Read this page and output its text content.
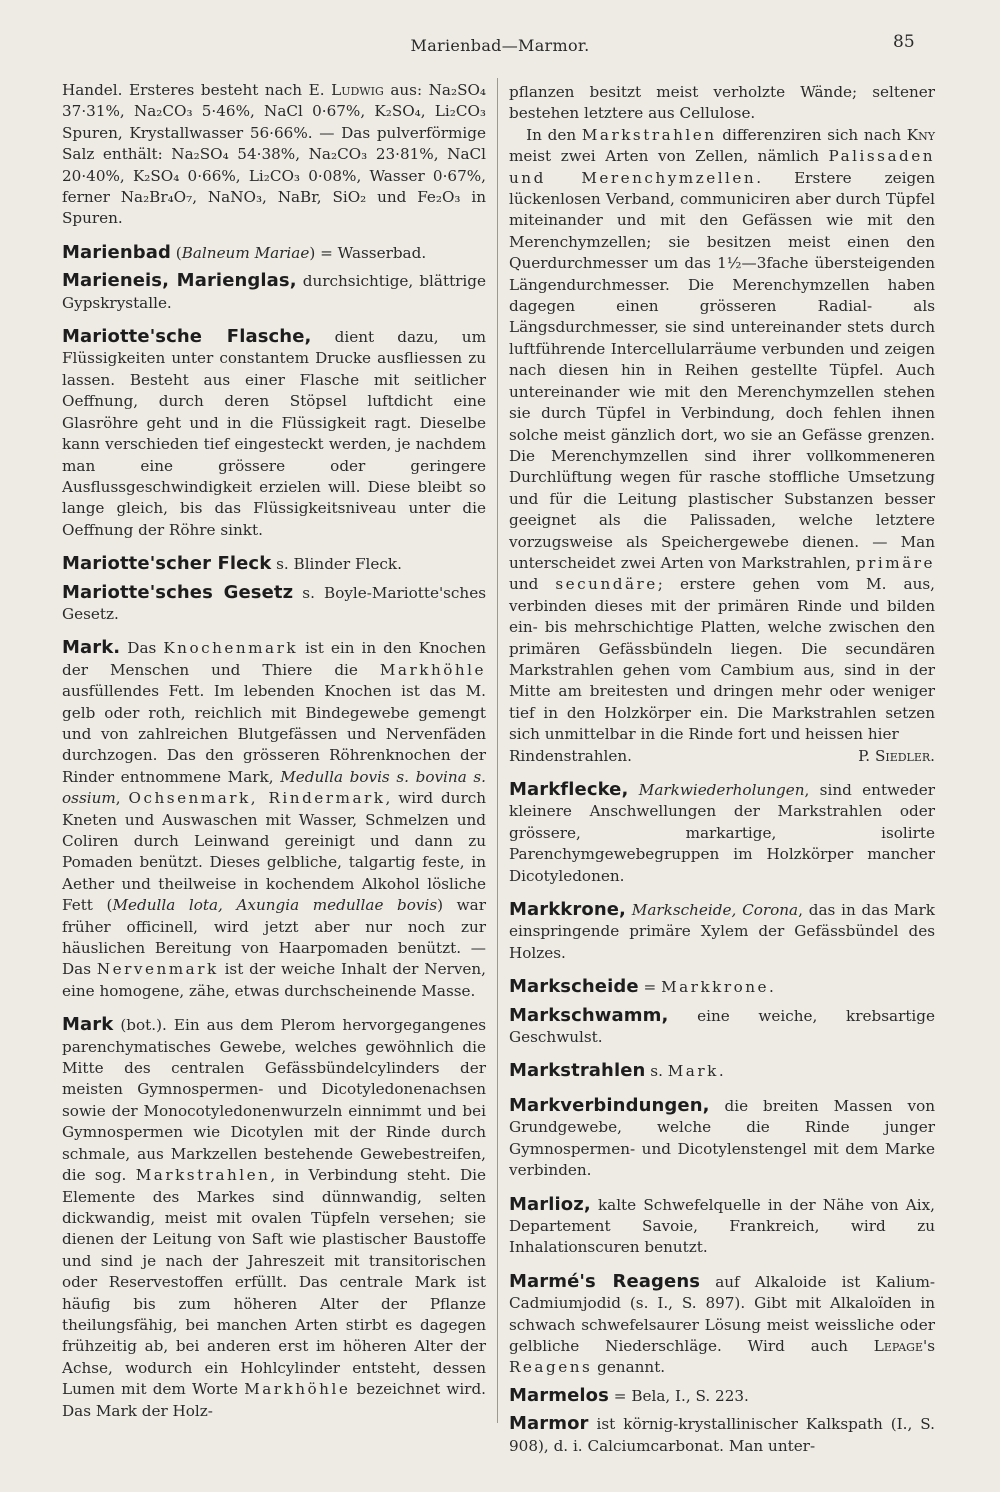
Marienbad—Marmor.	85

Handel. Ersteres besteht nach E. Ludwig aus: Na₂SO₄ 37·31%, Na₂CO₃ 5·46%, NaCl 0·67%, K₂SO₄, Li₂CO₃ Spuren, Krystallwasser 56·66%. — Das pulverförmige Salz enthält: Na₂SO₄ 54·38%, Na₂CO₃ 23·81%, NaCl 20·40%, K₂SO₄ 0·66%, Li₂CO₃ 0·08%, Wasser 0·67%, ferner Na₂Br₄O₇, NaNO₃, NaBr, SiO₂ und Fe₂O₃ in Spuren.

Marienbad (Balneum Mariae) = Wasserbad.

Marieneis, Marienglas, durchsichtige, blättrige Gypskrystalle.

Mariotte'sche Flasche, dient dazu, um Flüssigkeiten unter constantem Drucke ausfliessen zu lassen. Besteht aus einer Flasche mit seitlicher Oeffnung, durch deren Stöpsel luftdicht eine Glasröhre geht und in die Flüssigkeit ragt. Dieselbe kann verschieden tief eingesteckt werden, je nachdem man eine grössere oder geringere Ausflussgeschwindigkeit erzielen will. Diese bleibt so lange gleich, bis das Flüssigkeitsniveau unter die Oeffnung der Röhre sinkt.

Mariotte'scher Fleck s. Blinder Fleck.

Mariotte'sches Gesetz s. Boyle-Mariotte'sches Gesetz.

Mark. Das Knochenmark ist ein in den Knochen der Menschen und Thiere die Markhöhle ausfüllendes Fett. Im lebenden Knochen ist das M. gelb oder roth, reichlich mit Bindegewebe gemengt und von zahlreichen Blutgefässen und Nervenfäden durchzogen. Das den grösseren Röhrenknochen der Rinder entnommene Mark, Medulla bovis s. bovina s. ossium, Ochsenmark, Rindermark, wird durch Kneten und Auswaschen mit Wasser, Schmelzen und Coliren durch Leinwand gereinigt und dann zu Pomaden benützt. Dieses gelbliche, talgartig feste, in Aether und theilweise in kochendem Alkohol lösliche Fett (Medulla lota, Axungia medullae bovis) war früher officinell, wird jetzt aber nur noch zur häuslichen Bereitung von Haarpomaden benützt. — Das Nervenmark ist der weiche Inhalt der Nerven, eine homogene, zähe, etwas durchscheinende Masse.

Mark (bot.). Ein aus dem Plerom hervorgegangenes parenchymatisches Gewebe, welches gewöhnlich die Mitte des centralen Gefässbündelcylinders der meisten Gymnospermen- und Dicotyledonenachsen sowie der Monocotyledonenwurzeln einnimmt und bei Gymnospermen wie Dicotylen mit der Rinde durch schmale, aus Markzellen bestehende Gewebestreifen, die sog. Markstrahlen, in Verbindung steht. Die Elemente des Markes sind dünnwandig, selten dickwandig, meist mit ovalen Tüpfeln versehen; sie dienen der Leitung von Saft wie plastischer Baustoffe und sind je nach der Jahreszeit mit transitorischen oder Reservestoffen erfüllt. Das centrale Mark ist häufig bis zum höheren Alter der Pflanze theilungsfähig, bei manchen Arten stirbt es dagegen frühzeitig ab, bei anderen erst im höheren Alter der Achse, wodurch ein Hohlcylinder entsteht, dessen Lumen mit dem Worte Markhöhle bezeichnet wird. Das Mark der Holz-

pflanzen besitzt meist verholzte Wände; seltener bestehen letztere aus Cellulose.

In den Markstrahlen differenziren sich nach Kny meist zwei Arten von Zellen, nämlich Palissaden und Merenchymzellen. Erstere zeigen lückenlosen Verband, communiciren aber durch Tüpfel miteinander und mit den Gefässen wie mit den Merenchymzellen; sie besitzen meist einen den Querdurchmesser um das 1½—3fache übersteigenden Längendurchmesser. Die Merenchymzellen haben dagegen einen grösseren Radial- als Längsdurchmesser, sie sind untereinander stets durch luftführende Intercellularräume verbunden und zeigen nach diesen hin in Reihen gestellte Tüpfel. Auch untereinander wie mit den Merenchymzellen stehen sie durch Tüpfel in Verbindung, doch fehlen ihnen solche meist gänzlich dort, wo sie an Gefässe grenzen. Die Merenchymzellen sind ihrer vollkommeneren Durchlüftung wegen für rasche stoffliche Umsetzung und für die Leitung plastischer Substanzen besser geeignet als die Palissaden, welche letztere vorzugsweise als Speichergewebe dienen. — Man unterscheidet zwei Arten von Markstrahlen, primäre und secundäre; erstere gehen vom M. aus, verbinden dieses mit der primären Rinde und bilden ein- bis mehrschichtige Platten, welche zwischen den primären Gefässbündeln liegen. Die secundären Markstrahlen gehen vom Cambium aus, sind in der Mitte am breitesten und dringen mehr oder weniger tief in den Holzkörper ein. Die Markstrahlen setzen sich unmittelbar in die Rinde fort und heissen hier

Rindenstrahlen.	P. Siedler.

Markflecke, Markwiederholungen, sind entweder kleinere Anschwellungen der Markstrahlen oder grössere, markartige, isolirte Parenchymgewebegruppen im Holzkörper mancher Dicotyledonen.

Markkrone, Markscheide, Corona, das in das Mark einspringende primäre Xylem der Gefässbündel des Holzes.

Markscheide = Markkrone.

Markschwamm, eine weiche, krebsartige Geschwulst.

Markstrahlen s. Mark.

Markverbindungen, die breiten Massen von Grundgewebe, welche die Rinde junger Gymnospermen- und Dicotylenstengel mit dem Marke verbinden.

Marlioz, kalte Schwefelquelle in der Nähe von Aix, Departement Savoie, Frankreich, wird zu Inhalationscuren benutzt.

Marmé's Reagens auf Alkaloide ist Kalium-Cadmiumjodid (s. I., S. 897). Gibt mit Alkaloïden in schwach schwefelsaurer Lösung meist weissliche oder gelbliche Niederschläge. Wird auch Lepage's Reagens genannt.

Marmelos = Bela, I., S. 223.

Marmor ist körnig-krystallinischer Kalkspath (I., S. 908), d. i. Calciumcarbonat. Man unter-
